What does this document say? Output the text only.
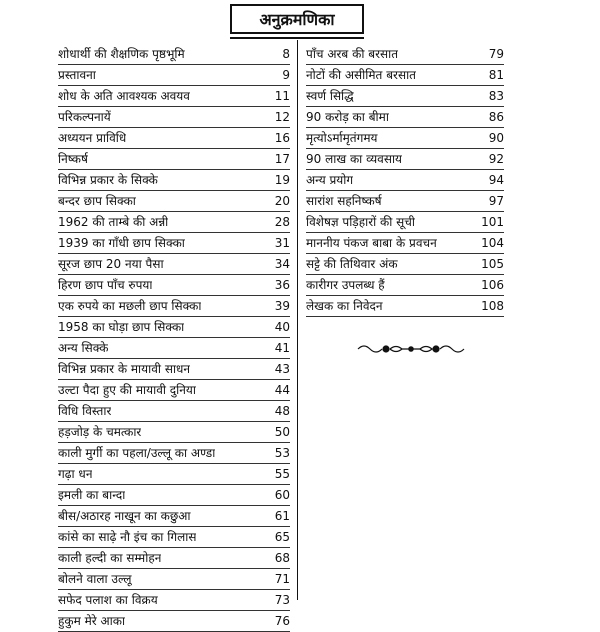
अनुक्रमणिका
शोधार्थी की शैक्षणिक पृष्ठभूमि	8
प्रस्तावना	9
शोध के अति आवश्यक अवयव	11
परिकल्पनायें	12
अध्ययन प्राविधि	16
निष्कर्ष	17
विभिन्न प्रकार के सिक्के	19
बन्दर छाप सिक्का	20
1962 की ताम्बे की अन्नी	28
1939 का गाँधी छाप सिक्का	31
सूरज छाप 20 नया पैसा	34
हिरण छाप पाँच रुपया	36
एक रुपये का मछली छाप सिक्का	39
1958 का घोड़ा छाप सिक्का	40
अन्य सिक्के	41
विभिन्न प्रकार के मायावी साधन	43
उल्टा पैदा हुए की मायावी दुनिया	44
विधि विस्तार	48
हड़जोड़ के चमत्कार	50
काली मुर्गी का पहला/उल्लू का अण्डा	53
गढ़ा धन	55
इमली का बान्दा	60
बीस/अठारह नाखून का कछुआ	61
कांसे का साढ़े नौ इंच का गिलास	65
काली हल्दी का सम्मोहन	68
बोलने वाला उल्लू	71
सफेद पलाश का विक्रय	73
हुकुम मेरे आका	76
पाँच अरब की बरसात	79
नोटों की असीमित बरसात	81
स्वर्ण सिद्धि	83
90 करोड़ का बीमा	86
मृत्योऽर्मामृतंगमय	90
90 लाख का व्यवसाय	92
अन्य प्रयोग	94
सारांश सहनिष्कर्ष	97
विशेषज्ञ पड़िहारों की सूची	101
माननीय पंकज बाबा के प्रवचन	104
सट्टे की तिथिवार अंक	105
कारीगर उपलब्ध हैं	106
लेखक का निवेदन	108
